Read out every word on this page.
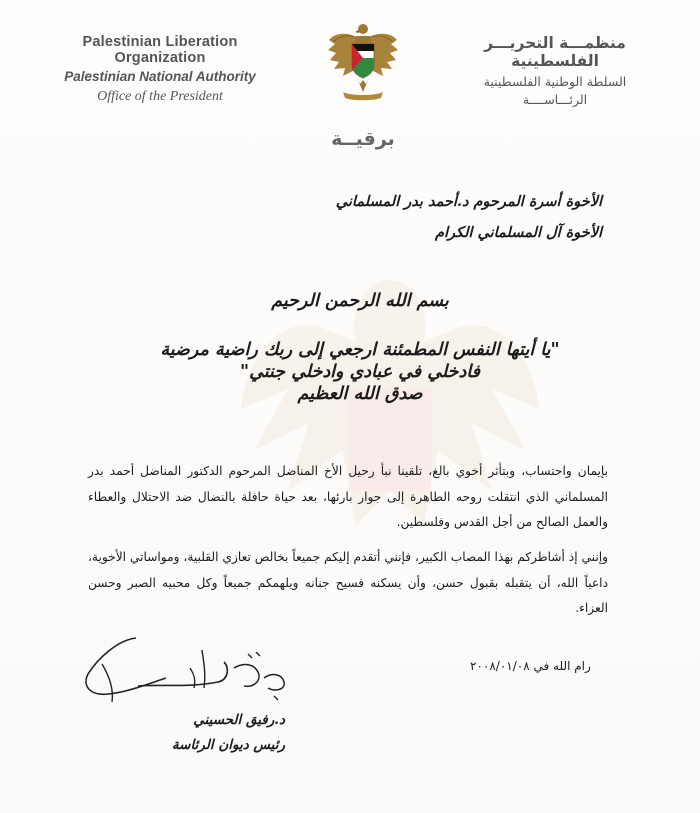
Palestinian Liberation Organization
Palestinian National Authority
Office of the President
منظمـــة التحريـــر الفلسطينية
السلطة الوطنية الفلسطينية
الرئـــاســــة
برقيــة
الأخوة أسرة المرحوم د.أحمد بدر المسلماني
الأخوة آل المسلماني الكرام
بسم الله الرحمن الرحيم
"يا أيتها النفس المطمئنة ارجعي إلى ربك راضية مرضية
فادخلي في عبادي وادخلي جنتي"
صدق الله العظيم
بإيمان واحتساب، وبتأثر أخوي بالغ، تلقينا نبأ رحيل الأخ المناضل المرحوم الدكتور المناضل أحمد بدر المسلماني الذي انتقلت روحه الطاهرة إلى جوار بارئها، بعد حياة حافلة بالنضال ضد الاحتلال والعطاء والعمل الصالح من أجل القدس وفلسطين.
وإنني إذ أشاطركم بهذا المصاب الكبير، فإنني أتقدم إليكم جميعاً بخالص تعازي القلبية، ومواساتي الأخوية، داعياً الله، أن يتقبله بقبول حسن، وأن يسكنه فسيح جنانه ويلهمكم جميعاً وكل محبيه الصبر وحسن العزاء.
رام الله في ٢٠٠٨/٠١/٠٨
د.رفيق الحسيني
رئيس ديوان الرئاسة
